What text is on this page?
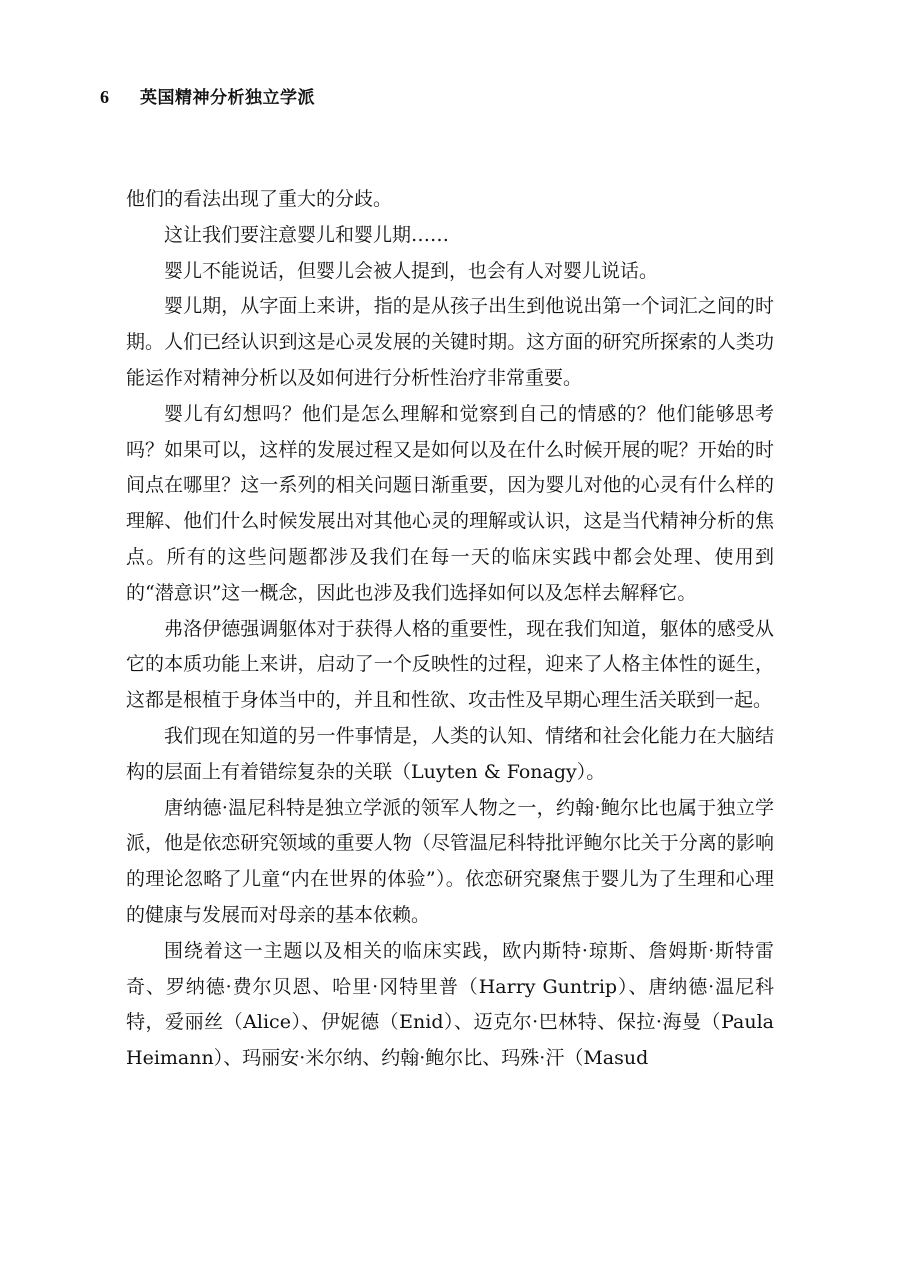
6 英国精神分析独立学派

他们的看法出现了重大的分歧。

这让我们要注意婴儿和婴儿期……

婴儿不能说话，但婴儿会被人提到，也会有人对婴儿说话。

婴儿期，从字面上来讲，指的是从孩子出生到他说出第一个词汇之间的时期。人们已经认识到这是心灵发展的关键时期。这方面的研究所探索的人类功能运作对精神分析以及如何进行分析性治疗非常重要。

婴儿有幻想吗？他们是怎么理解和觉察到自己的情感的？他们能够思考吗？如果可以，这样的发展过程又是如何以及在什么时候开展的呢？开始的时间点在哪里？这一系列的相关问题日渐重要，因为婴儿对他的心灵有什么样的理解、他们什么时候发展出对其他心灵的理解或认识，这是当代精神分析的焦点。所有的这些问题都涉及我们在每一天的临床实践中都会处理、使用到的“潜意识”这一概念，因此也涉及我们选择如何以及怎样去解释它。

弗洛伊德强调躯体对于获得人格的重要性，现在我们知道，躯体的感受从它的本质功能上来讲，启动了一个反映性的过程，迎来了人格主体性的诞生，这都是根植于身体当中的，并且和性欲、攻击性及早期心理生活关联到一起。

我们现在知道的另一件事情是，人类的认知、情绪和社会化能力在大脑结构的层面上有着错综复杂的关联（Luyten & Fonagy）。

唐纳德·温尼科特是独立学派的领军人物之一，约翰·鲍尔比也属于独立学派，他是依恋研究领域的重要人物（尽管温尼科特批评鲍尔比关于分离的影响的理论忽略了儿童“内在世界的体验”）。依恋研究聚焦于婴儿为了生理和心理的健康与发展而对母亲的基本依赖。

围绕着这一主题以及相关的临床实践，欧内斯特·琼斯、詹姆斯·斯特雷奇、罗纳德·费尔贝恩、哈里·冈特里普（Harry Guntrip）、唐纳德·温尼科特，爱丽丝（Alice）、伊妮德（Enid）、迈克尔·巴林特、保拉·海曼（Paula Heimann）、玛丽安·米尔纳、约翰·鲍尔比、玛殊·汗（Masud
